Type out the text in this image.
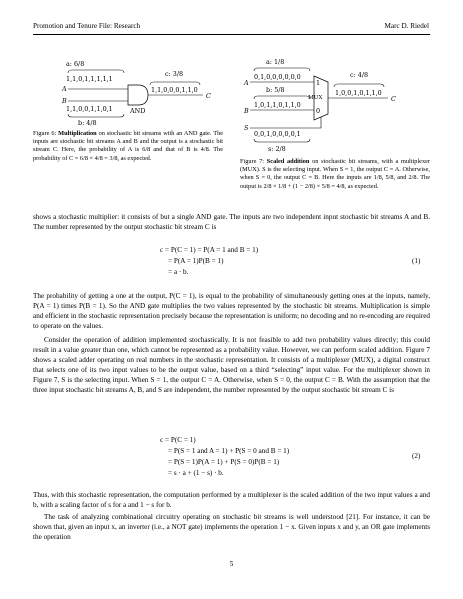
Promotion and Tenure File: Research	Marc D. Riedel
a: 6/8
1,1,0,1,1,1,1,1
A
B
1,1,0,0,1,1,0,1
b: 4/8
AND
c: 3/8
1,1,0,0,0,1,1,0
C
Figure 6: Multiplication on stochastic bit streams with an AND gate. The inputs are stochastic bit streams A and B and the output is a stochastic bit stream C. Here, the probability of A is 6/8 and that of B is 4/8. The probability of C = 6/8 × 4/8 = 3/8, as expected.
a: 1/8
0,1,0,0,0,0,0,0
A
b: 5/8
1,0,1,1,0,1,1,0
B
1
0
MUX
S
0,0,1,0,0,0,0,1
s: 2/8
c: 4/8
1,0,0,1,0,1,1,0
C
Figure 7: Scaled addition on stochastic bit streams, with a multiplexer (MUX). S is the selecting input. When S = 1, the output C = A. Otherwise, when S = 0, the output C = B. Here the inputs are 1/8, 5/8, and 2/8. The output is 2/8 × 1/8 + (1 − 2/8) × 5/8 = 4/8, as expected.

shows a stochastic multiplier: it consists of but a single AND gate. The inputs are two independent input stochastic bit streams A and B. The number represented by the output stochastic bit stream C is

c = P(C = 1) = P(A = 1 and B = 1)
= P(A = 1)P(B = 1)
= a · b.
(1)

The probability of getting a one at the output, P(C = 1), is equal to the probability of simultaneously getting ones at the inputs, namely, P(A = 1) times P(B = 1). So the AND gate multiplies the two values represented by the stochastic bit streams. Multiplication is simple and efficient in the stochastic representation precisely because the representation is uniform; no decoding and no re-encoding are required to operate on the values.

Consider the operation of addition implemented stochastically. It is not feasible to add two probability values directly; this could result in a value greater than one, which cannot be represented as a probability value. However, we can perform scaled addition. Figure 7 shows a scaled adder operating on real numbers in the stochastic representation. It consists of a multiplexer (MUX), a digital construct that selects one of its two input values to be the output value, based on a third “selecting” input value. For the multiplexer shown in Figure 7, S is the selecting input. When S = 1, the output C = A. Otherwise, when S = 0, the output C = B. With the assumption that the three input stochastic bit streams A, B, and S are independent, the number represented by the output stochastic bit stream C is

c = P(C = 1)
= P(S = 1 and A = 1) + P(S = 0 and B = 1)
= P(S = 1)P(A = 1) + P(S = 0)P(B = 1)
= s · a + (1 − s) · b.
(2)

Thus, with this stochastic representation, the computation performed by a multiplexer is the scaled addition of the two input values a and b, with a scaling factor of s for a and 1 − s for b.

The task of analyzing combinational circuitry operating on stochastic bit streams is well understood [21]. For instance, it can be shown that, given an input x, an inverter (i.e., a NOT gate) implements the operation 1 − x. Given inputs x and y, an OR gate implements the operation

5
